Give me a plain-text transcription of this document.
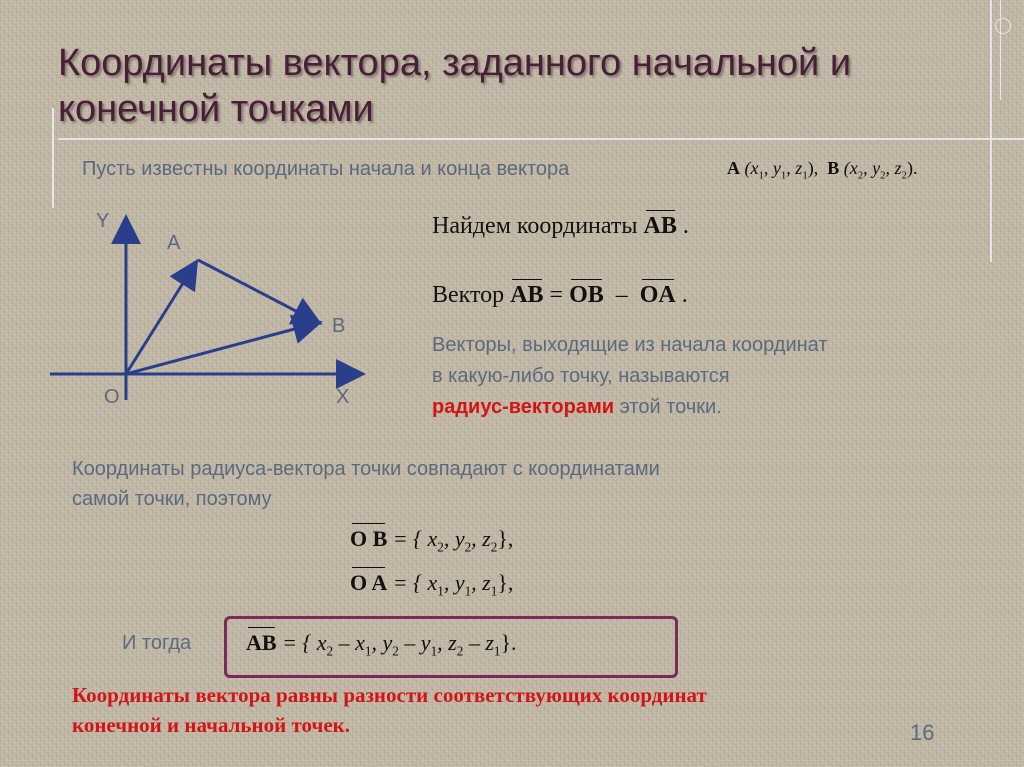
Координаты вектора, заданного начальной и конечной точками
Пусть известны координаты начала и конца вектора	A ($x_1$, $y_1$, $z_1$), B ($x_2$, $y_2$, $z_2$).
Y
A
B
O	X
Найдем координаты AB .
Вектор AB = OB – OA .
Векторы, выходящие из начала координат
в какую-либо точку, называются
радиус-векторами этой точки.
Координаты радиуса-вектора точки совпадают с координатами
самой точки, поэтому
O B = { $x_2$, $y_2$, $z_2$},
O A = { $x_1$, $y_1$, $z_1$},
И тогда AB = { $x_2 - x_1$, $y_2 - y_1$, $z_2 - z_1$}.
Координаты вектора равны разности соответствующих координат
конечной и начальной точек.	16
